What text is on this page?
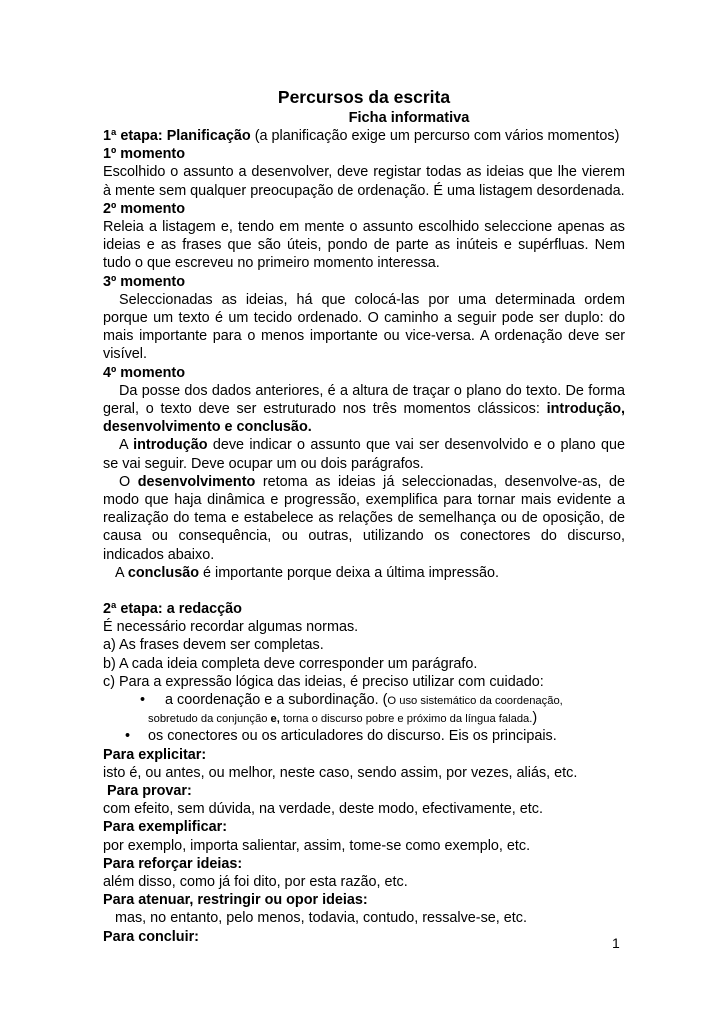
Percursos da escrita
Ficha informativa

1ª etapa: Planificação (a planificação exige um percurso com vários momentos)

1º momento

Escolhido o assunto a desenvolver, deve registar todas as ideias que lhe vierem à mente sem qualquer preocupação de ordenação. É uma listagem desordenada.

2º momento

Releia a listagem e, tendo em mente o assunto escolhido seleccione apenas as ideias e as frases que são úteis, pondo de parte as inúteis e supérfluas. Nem tudo o que escreveu no primeiro momento interessa.

3º momento

Seleccionadas as ideias, há que colocá-las por uma determinada ordem porque um texto é um tecido ordenado. O caminho a seguir pode ser duplo: do mais importante para o menos importante ou vice-versa. A ordenação deve ser visível.

4º momento

Da posse dos dados anteriores, é a altura de traçar o plano do texto. De forma geral, o texto deve ser estruturado nos três momentos clássicos: introdução, desenvolvimento e conclusão.

A introdução deve indicar o assunto que vai ser desenvolvido e o plano que se vai seguir. Deve ocupar um ou dois parágrafos.

O desenvolvimento retoma as ideias já seleccionadas, desenvolve-as, de modo que haja dinâmica e progressão, exemplifica para tornar mais evidente a realização do tema e estabelece as relações de semelhança ou de oposição, de causa ou consequência, ou outras, utilizando os conectores do discurso, indicados abaixo.

A conclusão é importante porque deixa a última impressão.

2ª etapa: a redacção

É necessário recordar algumas normas.

a) As frases devem ser completas.

b) A cada ideia completa deve corresponder um parágrafo.

c) Para a expressão lógica das ideias, é preciso utilizar com cuidado:

• a coordenação e a subordinação. (O uso sistemático da coordenação,
sobretudo da conjunção e, torna o discurso pobre e próximo da língua falada.)
• os conectores ou os articuladores do discurso. Eis os principais.

Para explicitar:

isto é, ou antes, ou melhor, neste caso, sendo assim, por vezes, aliás, etc.

Para provar:

com efeito, sem dúvida, na verdade, deste modo, efectivamente, etc.

Para exemplificar:

por exemplo, importa salientar, assim, tome-se como exemplo, etc.

Para reforçar ideias:

além disso, como já foi dito, por esta razão, etc.

Para atenuar, restringir ou opor ideias:

mas, no entanto, pelo menos, todavia, contudo, ressalve-se, etc.

Para concluir:	1
